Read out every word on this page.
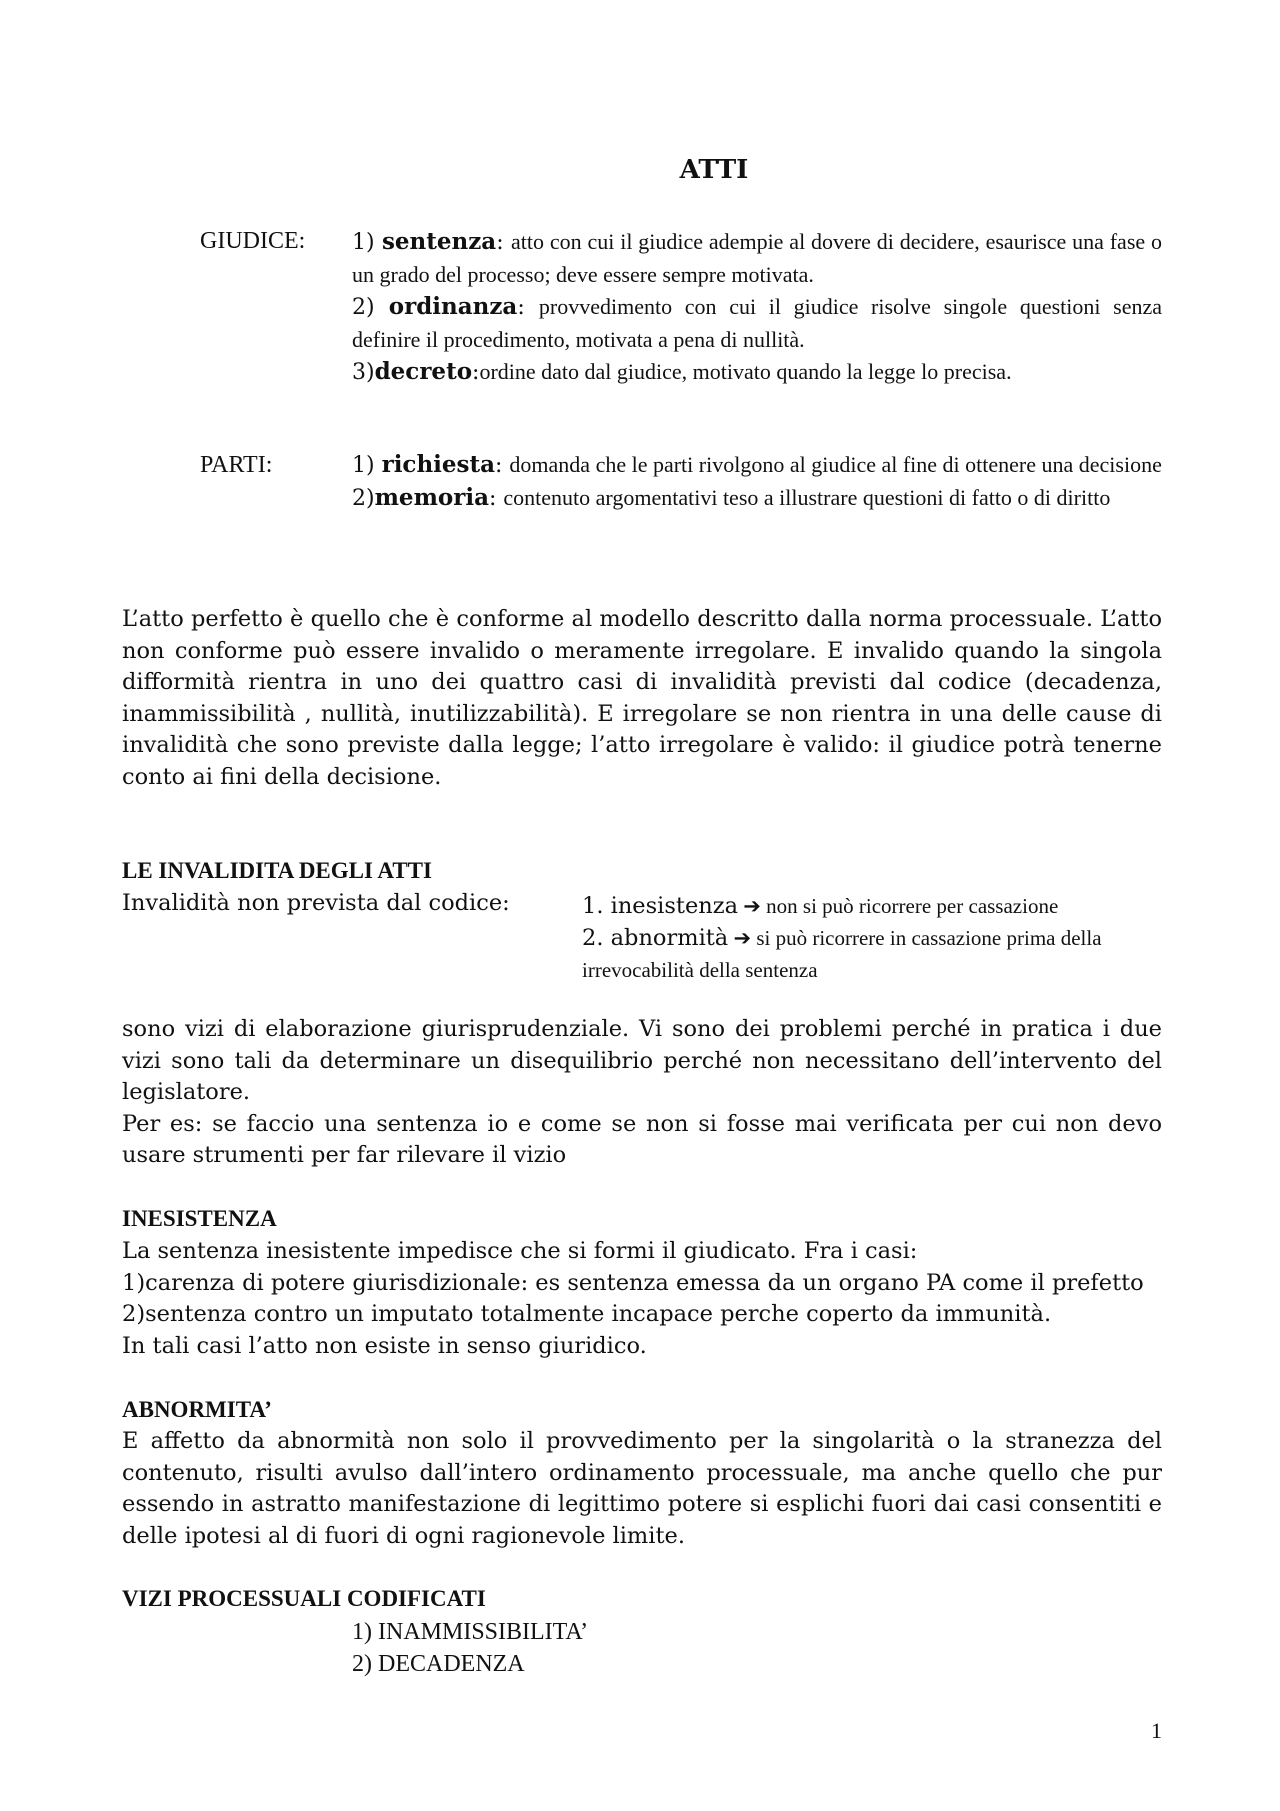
ATTI
GIUDICE: 1) sentenza: atto con cui il giudice adempie al dovere di decidere, esaurisce una fase o un grado del processo; deve essere sempre motivata.
2) ordinanza: provvedimento con cui il giudice risolve singole questioni senza definire il procedimento, motivata a pena di nullità.
3)decreto:ordine dato dal giudice, motivato quando la legge lo precisa.
PARTI:	1) richiesta: domanda che le parti rivolgono al giudice al fine di ottenere una decisione
2)memoria: contenuto argomentativi teso a illustrare questioni di fatto o di diritto

L’atto perfetto è quello che è conforme al modello descritto dalla norma processuale. L’atto non conforme può essere invalido o meramente irregolare. E invalido quando la singola difformità rientra in uno dei quattro casi di invalidità previsti dal codice (decadenza, inammissibilità , nullità, inutilizzabilità). E irregolare se non rientra in una delle cause di invalidità che sono previste dalla legge; l’atto irregolare è valido: il giudice potrà tenerne conto ai fini della decisione.

LE INVALIDITA DEGLI ATTI
Invalidità non prevista dal codice:	1. inesistenza ➔ non si può ricorrere per cassazione
2. abnormità ➔ si può ricorrere in cassazione prima della irrevocabilità della sentenza

sono vizi di elaborazione giurisprudenziale. Vi sono dei problemi perché in pratica i due vizi sono tali da determinare un disequilibrio perché non necessitano dell’intervento del legislatore.

Per es: se faccio una sentenza io e come se non si fosse mai verificata per cui non devo usare strumenti per far rilevare il vizio

INESISTENZA

La sentenza inesistente impedisce che si formi il giudicato. Fra i casi:

1)carenza di potere giurisdizionale: es sentenza emessa da un organo PA come il prefetto

2)sentenza contro un imputato totalmente incapace perche coperto da immunità.

In tali casi l’atto non esiste in senso giuridico.

ABNORMITA’

E affetto da abnormità non solo il provvedimento per la singolarità o la stranezza del contenuto, risulti avulso dall’intero ordinamento processuale, ma anche quello che pur essendo in astratto manifestazione di legittimo potere si esplichi fuori dai casi consentiti e delle ipotesi al di fuori di ogni ragionevole limite.

VIZI PROCESSUALI CODIFICATI
1) INAMMISSIBILITA’
2) DECADENZA
1
